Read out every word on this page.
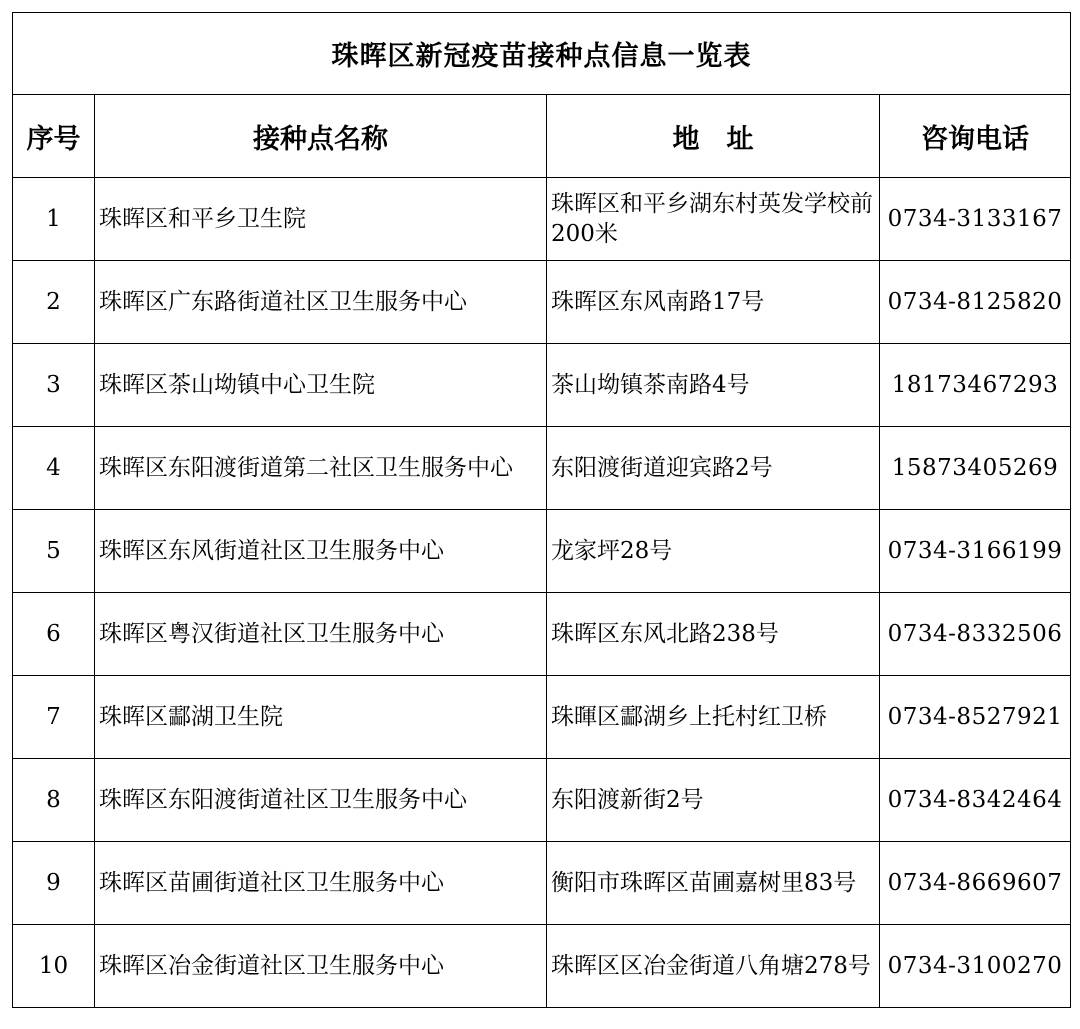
珠晖区新冠疫苗接种点信息一览表			
序号	接种点名称	地　址	咨询电话
1	珠晖区和平乡卫生院	珠晖区和平乡湖东村英发学校前200米	0734-3133167
2	珠晖区广东路街道社区卫生服务中心	珠晖区东风南路17号	0734-8125820
3	珠晖区茶山坳镇中心卫生院	茶山坳镇茶南路4号	18173467293
4	珠晖区东阳渡街道第二社区卫生服务中心	东阳渡街道迎宾路2号	15873405269
5	珠晖区东风街道社区卫生服务中心	龙家坪28号	0734-3166199
6	珠晖区粤汉街道社区卫生服务中心	珠晖区东风北路238号	0734-8332506
7	珠晖区酃湖卫生院	珠暉区酃湖乡上托村红卫桥	0734-8527921
8	珠晖区东阳渡街道社区卫生服务中心	东阳渡新街2号	0734-8342464
9	珠晖区苗圃街道社区卫生服务中心	衡阳市珠晖区苗圃嘉树里83号	0734-8669607
10	珠晖区冶金街道社区卫生服务中心	珠晖区区冶金街道八角塘278号	0734-3100270
